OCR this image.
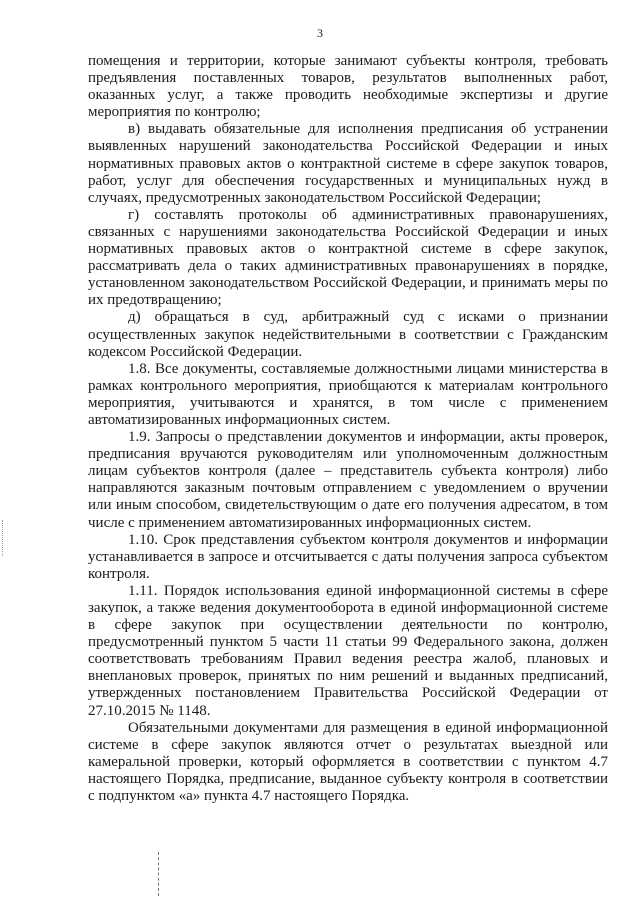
3

помещения и территории, которые занимают субъекты контроля, требовать предъявления поставленных товаров, результатов выполненных работ, оказанных услуг, а также проводить необходимые экспертизы и другие мероприятия по контролю;

в) выдавать обязательные для исполнения предписания об устранении выявленных нарушений законодательства Российской Федерации и иных нормативных правовых актов о контрактной системе в сфере закупок товаров, работ, услуг для обеспечения государственных и муниципальных нужд в случаях, предусмотренных законодательством Российской Федерации;

г) составлять протоколы об административных правонарушениях, связанных с нарушениями законодательства Российской Федерации и иных нормативных правовых актов о контрактной системе в сфере закупок, рассматривать дела о таких административных правонарушениях в порядке, установленном законодательством Российской Федерации, и принимать меры по их предотвращению;

д) обращаться в суд, арбитражный суд с исками о признании осуществленных закупок недействительными в соответствии с Гражданским кодексом Российской Федерации.

1.8. Все документы, составляемые должностными лицами министерства в рамках контрольного мероприятия, приобщаются к материалам контрольного мероприятия, учитываются и хранятся, в том числе с применением автоматизированных информационных систем.

1.9. Запросы о представлении документов и информации, акты проверок, предписания вручаются руководителям или уполномоченным должностным лицам субъектов контроля (далее – представитель субъекта контроля) либо направляются заказным почтовым отправлением с уведомлением о вручении или иным способом, свидетельствующим о дате его получения адресатом, в том числе с применением автоматизированных информационных систем.

1.10. Срок представления субъектом контроля документов и информации устанавливается в запросе и отсчитывается с даты получения запроса субъектом контроля.

1.11. Порядок использования единой информационной системы в сфере закупок, а также ведения документооборота в единой информационной системе в сфере закупок при осуществлении деятельности по контролю, предусмотренный пунктом 5 части 11 статьи 99 Федерального закона, должен соответствовать требованиям Правил ведения реестра жалоб, плановых и внеплановых проверок, принятых по ним решений и выданных предписаний, утвержденных постановлением Правительства Российской Федерации от 27.10.2015 № 1148.

Обязательными документами для размещения в единой информационной системе в сфере закупок являются отчет о результатах выездной или камеральной проверки, который оформляется в соответствии с пунктом 4.7 настоящего Порядка, предписание, выданное субъекту контроля в соответствии с подпунктом «а» пункта 4.7 настоящего Порядка.
